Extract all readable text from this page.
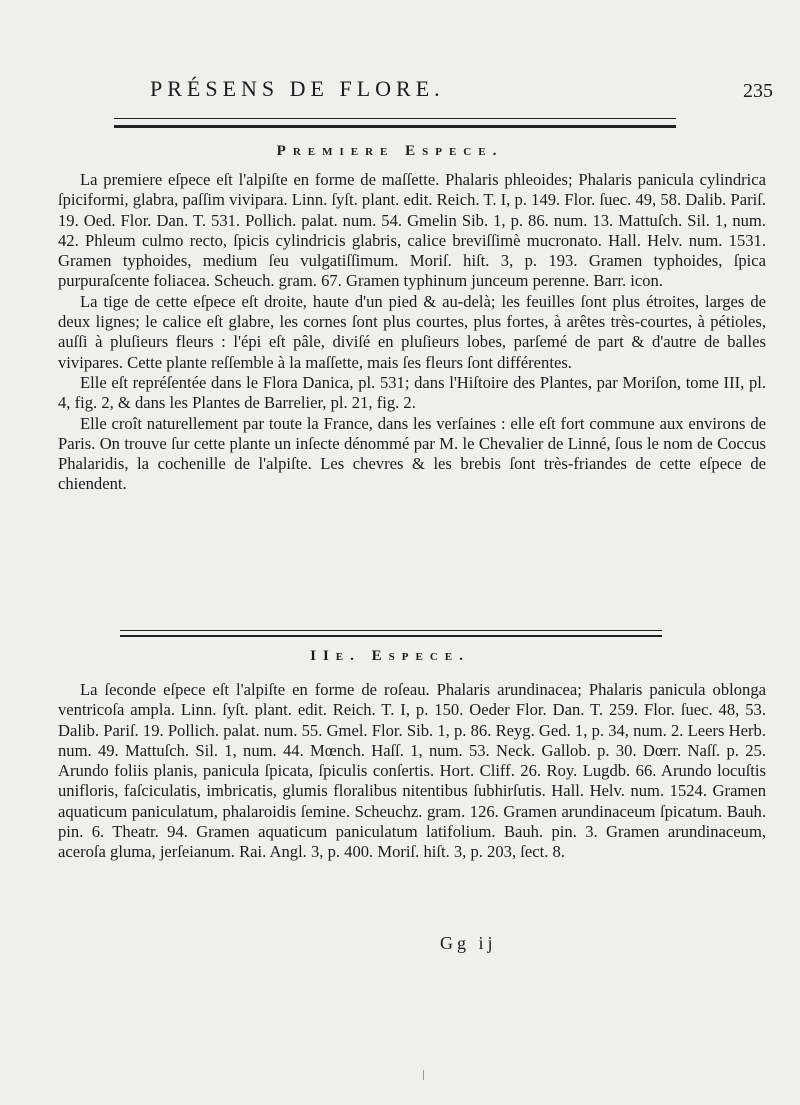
PRÉSENS DE FLORE.	235
Premiere Espece.

La premiere eſpece eſt l'alpiſte en forme de maſſette. Phalaris phleoides; Phalaris panicula cylindrica ſpiciformi, glabra, paſſim vivipara. Linn. ſyſt. plant. edit. Reich. T. I, p. 149. Flor. ſuec. 49, 58. Dalib. Pariſ. 19. Oed. Flor. Dan. T. 531. Pollich. palat. num. 54. Gmelin Sib. 1, p. 86. num. 13. Mattuſch. Sil. 1, num. 42. Phleum culmo recto, ſpicis cylindricis glabris, calice breviſſimè mucronato. Hall. Helv. num. 1531. Gramen typhoides, medium ſeu vulgatiſſimum. Moriſ. hiſt. 3, p. 193. Gramen typhoides, ſpica purpuraſcente foliacea. Scheuch. gram. 67. Gramen typhinum junceum perenne. Barr. icon.

La tige de cette eſpece eſt droite, haute d'un pied & au-delà; les feuilles ſont plus étroites, larges de deux lignes; le calice eſt glabre, les cornes ſont plus courtes, plus fortes, à arêtes très-courtes, à pétioles, auſſi à pluſieurs fleurs : l'épi eſt pâle, diviſé en pluſieurs lobes, parſemé de part & d'autre de balles vivipares. Cette plante reſſemble à la maſſette, mais ſes fleurs ſont différentes.

Elle eſt repréſentée dans le Flora Danica, pl. 531; dans l'Hiſtoire des Plantes, par Moriſon, tome III, pl. 4, fig. 2, & dans les Plantes de Barrelier, pl. 21, fig. 2.

Elle croît naturellement par toute la France, dans les verſaines : elle eſt fort commune aux environs de Paris. On trouve ſur cette plante un inſecte dénommé par M. le Chevalier de Linné, ſous le nom de Coccus Phalaridis, la cochenille de l'alpiſte. Les chevres & les brebis ſont très-friandes de cette eſpece de chiendent.

IIe. Espece.

La ſeconde eſpece eſt l'alpiſte en forme de roſeau. Phalaris arundinacea; Phalaris panicula oblonga ventricoſa ampla. Linn. ſyſt. plant. edit. Reich. T. I, p. 150. Oeder Flor. Dan. T. 259. Flor. ſuec. 48, 53. Dalib. Pariſ. 19. Pollich. palat. num. 55. Gmel. Flor. Sib. 1, p. 86. Reyg. Ged. 1, p. 34, num. 2. Leers Herb. num. 49. Mattuſch. Sil. 1, num. 44. Mœnch. Haſſ. 1, num. 53. Neck. Gallob. p. 30. Dœrr. Naſſ. p. 25. Arundo foliis planis, panicula ſpicata, ſpiculis conſertis. Hort. Cliff. 26. Roy. Lugdb. 66. Arundo locuſtis unifloris, faſciculatis, imbricatis, glumis floralibus nitentibus ſubhirſutis. Hall. Helv. num. 1524. Gramen aquaticum paniculatum, phalaroidis ſemine. Scheuchz. gram. 126. Gramen arundinaceum ſpicatum. Bauh. pin. 6. Theatr. 94. Gramen aquaticum paniculatum latifolium. Bauh. pin. 3. Gramen arundinaceum, aceroſa gluma, jerſeianum. Rai. Angl. 3, p. 400. Moriſ. hiſt. 3, p. 203, ſect. 8.

Gg ij
